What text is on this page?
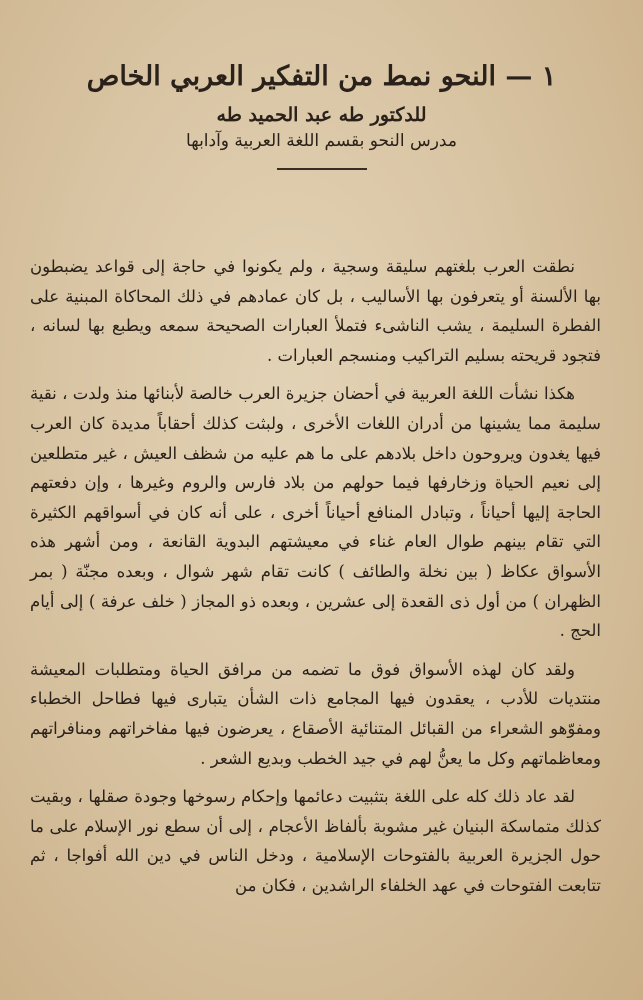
١ — النحو نمط من التفكير العربي الخاص
للدكتور طه عبد الحميد طه
مدرس النحو بقسم اللغة العربية وآدابها

نطقت العرب بلغتهم سليقة وسجية ، ولم يكونوا في حاجة إلى قواعد يضبطون بها الألسنة أو يتعرفون بها الأساليب ، بل كان عمادهم في ذلك المحاكاة المبنية على الفطرة السليمة ، يشب الناشىء فتملأ العبارات الصحيحة سمعه ويطبع بها لسانه ، فتجود قريحته بسليم التراكيب ومنسجم العبارات .

هكذا نشأت اللغة العربية في أحضان جزيرة العرب خالصة لأبنائها منذ ولدت ، نقية سليمة مما يشينها من أدران اللغات الأخرى ، ولبثت كذلك أحقاباً مديدة كان العرب فيها يغدون ويروحون داخل بلادهم على ما هم عليه من شظف العيش ، غير متطلعين إلى نعيم الحياة وزخارفها فيما حولهم من بلاد فارس والروم وغيرها ، وإن دفعتهم الحاجة إليها أحياناً ، وتبادل المنافع أحياناً أخرى ، على أنه كان في أسواقهم الكثيرة التي تقام بينهم طوال العام غناء في معيشتهم البدوية القانعة ، ومن أشهر هذه الأسواق عكاظ ( بين نخلة والطائف ) كانت تقام شهر شوال ، وبعده مجنّة ( بمر الظهران ) من أول ذى القعدة إلى عشرين ، وبعده ذو المجاز ( خلف عرفة ) إلى أيام الحج .

ولقد كان لهذه الأسواق فوق ما تضمه من مرافق الحياة ومتطلبات المعيشة منتديات للأدب ، يعقدون فيها المجامع ذات الشأن يتبارى فيها فطاحل الخطباء ومفوّهو الشعراء من القبائل المتنائية الأصقاع ، يعرضون فيها مفاخراتهم ومنافراتهم ومعاظماتهم وكل ما يعنُّ لهم في جيد الخطب وبديع الشعر .

لقد عاد ذلك كله على اللغة بتثبيت دعائمها وإحكام رسوخها وجودة صقلها ، وبقيت كذلك متماسكة البنيان غير مشوبة بألفاظ الأعجام ، إلى أن سطع نور الإسلام على ما حول الجزيرة العربية بالفتوحات الإسلامية ، ودخل الناس في دين الله أفواجا ، ثم تتابعت الفتوحات في عهد الخلفاء الراشدين ، فكان من
